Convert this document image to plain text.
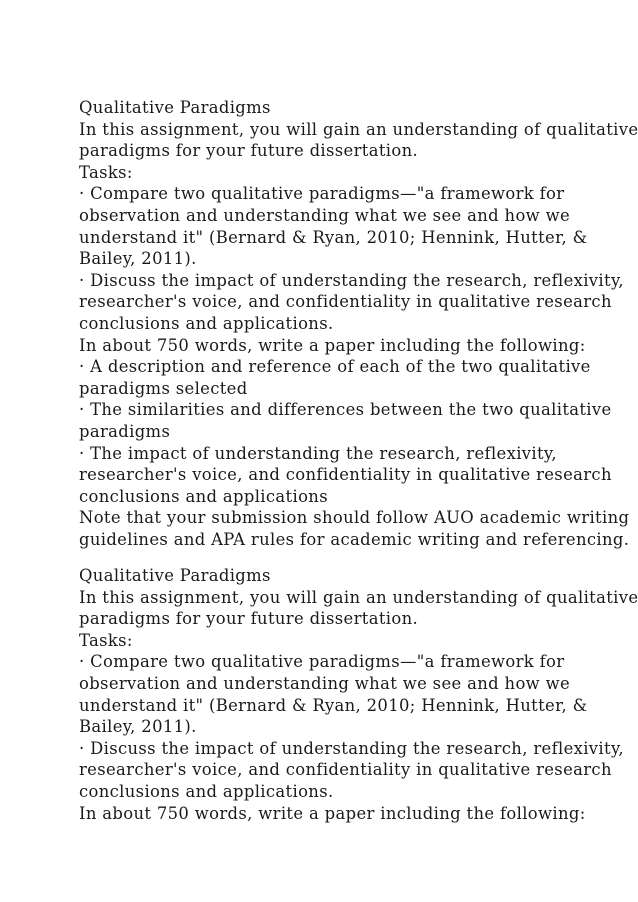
Qualitative Paradigms
In this assignment, you will gain an understanding of qualitative
paradigms for your future dissertation.
Tasks:
· Compare two qualitative paradigms—"a framework for
observation and understanding what we see and how we
understand it" (Bernard & Ryan, 2010; Hennink, Hutter, &
Bailey, 2011).
· Discuss the impact of understanding the research, reflexivity,
researcher's voice, and confidentiality in qualitative research
conclusions and applications.
In about 750 words, write a paper including the following:
· A description and reference of each of the two qualitative
paradigms selected
· The similarities and differences between the two qualitative
paradigms
· The impact of understanding the research, reflexivity,
researcher's voice, and confidentiality in qualitative research
conclusions and applications
Note that your submission should follow AUO academic writing
guidelines and APA rules for academic writing and referencing.
Qualitative Paradigms
In this assignment, you will gain an understanding of qualitative
paradigms for your future dissertation.
Tasks:
· Compare two qualitative paradigms—"a framework for
observation and understanding what we see and how we
understand it" (Bernard & Ryan, 2010; Hennink, Hutter, &
Bailey, 2011).
· Discuss the impact of understanding the research, reflexivity,
researcher's voice, and confidentiality in qualitative research
conclusions and applications.
In about 750 words, write a paper including the following:
